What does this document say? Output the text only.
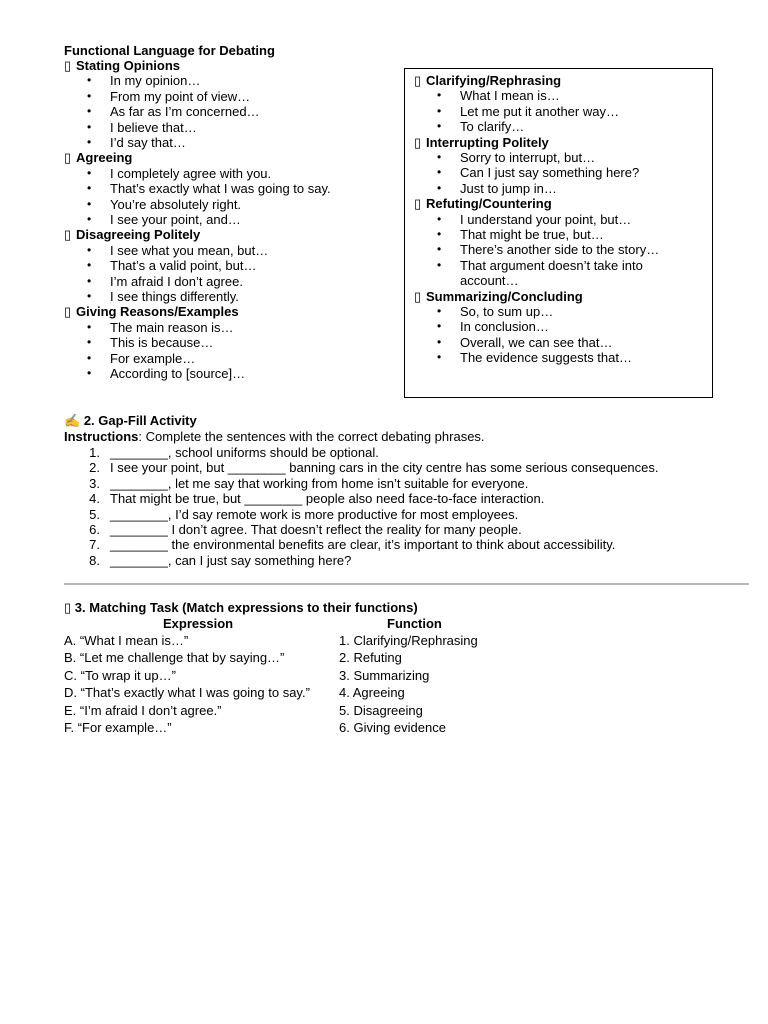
Functional Language for Debating
▯ Stating Opinions
• In my opinion…
• From my point of view…
• As far as I’m concerned…
• I believe that…
• I’d say that…
▯ Agreeing
• I completely agree with you.
• That’s exactly what I was going to say.
• You’re absolutely right.
• I see your point, and…
▯ Disagreeing Politely
• I see what you mean, but…
• That’s a valid point, but…
• I’m afraid I don’t agree.
• I see things differently.
▯ Giving Reasons/Examples
• The main reason is…
• This is because…
• For example…
• According to [source]…
▯ Clarifying/Rephrasing
• What I mean is…
• Let me put it another way…
• To clarify…
▯ Interrupting Politely
• Sorry to interrupt, but…
• Can I just say something here?
• Just to jump in…
▯ Refuting/Countering
• I understand your point, but…
• That might be true, but…
• There’s another side to the story…
• That argument doesn’t take into account…
▯ Summarizing/Concluding
• So, to sum up…
• In conclusion…
• Overall, we can see that…
• The evidence suggests that…
✍ 2. Gap-Fill Activity
Instructions: Complete the sentences with the correct debating phrases.
1. ________, school uniforms should be optional.
2. I see your point, but ________ banning cars in the city centre has some serious consequences.
3. ________, let me say that working from home isn’t suitable for everyone.
4. That might be true, but ________ people also need face-to-face interaction.
5. ________, I’d say remote work is more productive for most employees.
6. ________ I don’t agree. That doesn’t reflect the reality for many people.
7. ________ the environmental benefits are clear, it’s important to think about accessibility.
8. ________, can I just say something here?
▯ 3. Matching Task (Match expressions to their functions)
Expression	Function
A. “What I mean is…”
B. “Let me challenge that by saying…”
C. “To wrap it up…”
D. “That’s exactly what I was going to say.”
E. “I’m afraid I don’t agree.”
F. “For example…”
1. Clarifying/Rephrasing
2. Refuting
3. Summarizing
4. Agreeing
5. Disagreeing
6. Giving evidence
